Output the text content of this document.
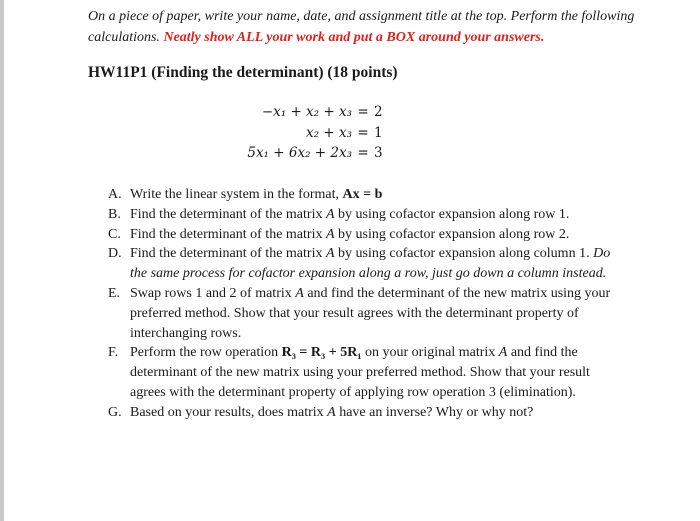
On a piece of paper, write your name, date, and assignment title at the top. Perform the following calculations. Neatly show ALL your work and put a BOX around your answers.
HW11P1 (Finding the determinant) (18 points)
−x₁ + x₂ + x₃ = 2
x₂ + x₃ = 1
5x₁ + 6x₂ + 2x₃ = 3
A. Write the linear system in the format, Ax = b
B. Find the determinant of the matrix A by using cofactor expansion along row 1.
C. Find the determinant of the matrix A by using cofactor expansion along row 2.
D. Find the determinant of the matrix A by using cofactor expansion along column 1. Do the same process for cofactor expansion along a row, just go down a column instead.
E. Swap rows 1 and 2 of matrix A and find the determinant of the new matrix using your preferred method. Show that your result agrees with the determinant property of interchanging rows.
F. Perform the row operation R₃ = R₃ + 5R₁ on your original matrix A and find the determinant of the new matrix using your preferred method. Show that your result agrees with the determinant property of applying row operation 3 (elimination).
G. Based on your results, does matrix A have an inverse? Why or why not?
